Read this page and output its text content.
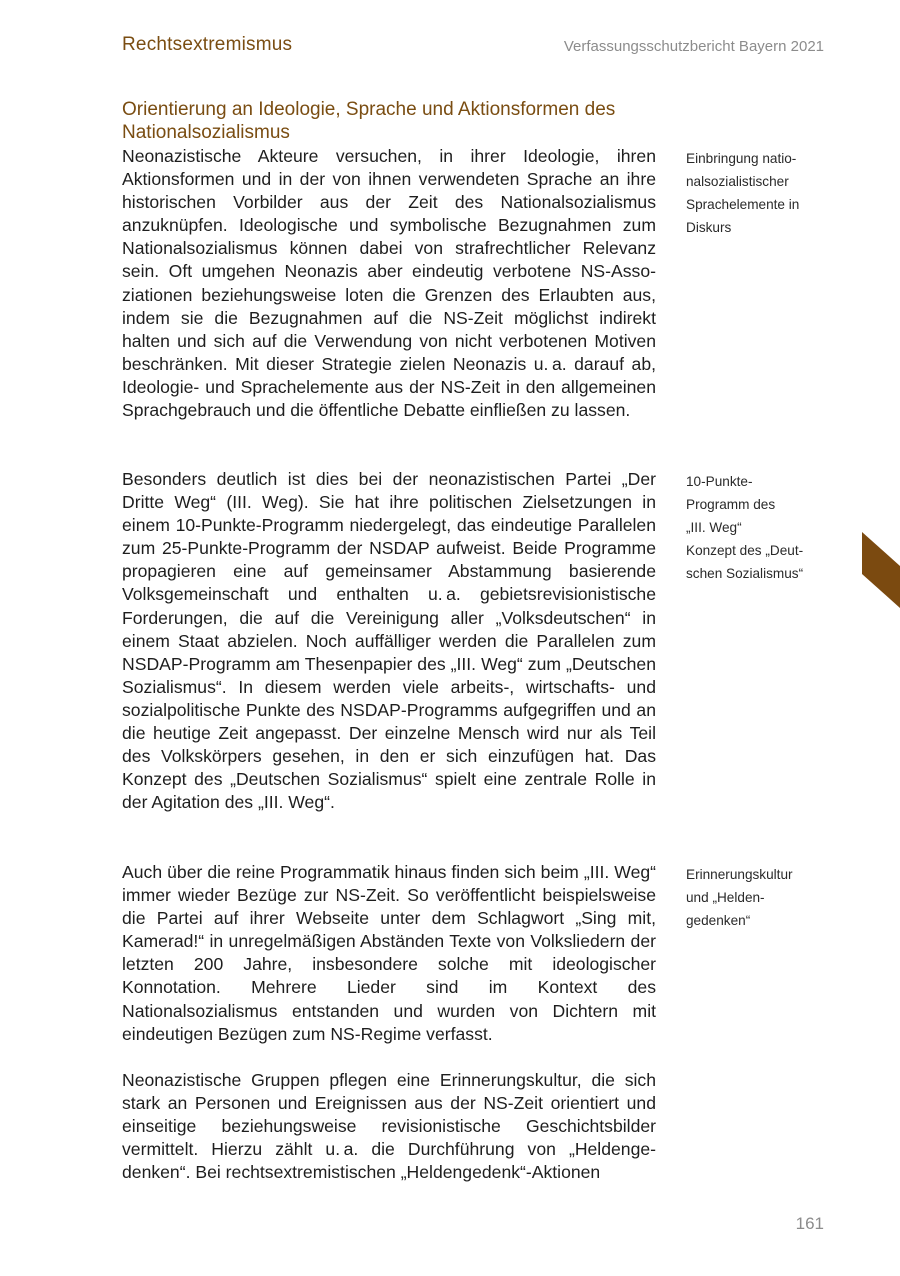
Rechtsextremismus	Verfassungsschutzbericht Bayern 2021
Orientierung an Ideologie, Sprache und Aktionsformen des Nationalsozialismus

Neonazistische Akteure versuchen, in ihrer Ideologie, ihren Aktionsformen und in der von ihnen verwendeten Sprache an ihre historischen Vorbilder aus der Zeit des Nationalsozialismus anzuknüpfen. Ideologische und symbolische Bezugnahmen zum Nationalsozialismus können dabei von strafrechtlicher Relevanz sein. Oft umgehen Neonazis aber eindeutig verbotene NS-Assoziationen beziehungsweise loten die Grenzen des Erlaubten aus, indem sie die Bezugnahmen auf die NS-Zeit möglichst indirekt halten und sich auf die Verwendung von nicht verbotenen Motiven beschränken. Mit dieser Strategie zielen Neonazis u. a. darauf ab, Ideologie- und Sprachelemente aus der NS-Zeit in den allgemeinen Sprachgebrauch und die öffentliche Debatte einfließen zu lassen.

Besonders deutlich ist dies bei der neonazistischen Partei „Der Dritte Weg“ (III. Weg). Sie hat ihre politischen Zielsetzungen in einem 10-Punkte-Programm niedergelegt, das eindeutige Parallelen zum 25-Punkte-Programm der NSDAP aufweist. Beide Programme propagieren eine auf gemeinsamer Abstammung basierende Volksgemeinschaft und enthalten u. a. gebietsrevisionistische Forderungen, die auf die Vereinigung aller „Volksdeutschen“ in einem Staat abzielen. Noch auffälliger werden die Parallelen zum NSDAP-Programm am Thesenpapier des „III. Weg“ zum „Deutschen Sozialismus“. In diesem werden viele arbeits-, wirtschafts- und sozialpolitische Punkte des NSDAP-Programms aufgegriffen und an die heutige Zeit angepasst. Der einzelne Mensch wird nur als Teil des Volkskörpers gesehen, in den er sich einzufügen hat. Das Konzept des „Deutschen Sozialismus“ spielt eine zentrale Rolle in der Agitation des „III. Weg“.

Auch über die reine Programmatik hinaus finden sich beim „III. Weg“ immer wieder Bezüge zur NS-Zeit. So veröffentlicht beispielsweise die Partei auf ihrer Webseite unter dem Schlagwort „Sing mit, Kamerad!“ in unregelmäßigen Abständen Texte von Volksliedern der letzten 200 Jahre, insbesondere solche mit ideologischer Konnotation. Mehrere Lieder sind im Kontext des Nationalsozialismus entstanden und wurden von Dichtern mit eindeutigen Bezügen zum NS-Regime verfasst.

Neonazistische Gruppen pflegen eine Erinnerungskultur, die sich stark an Personen und Ereignissen aus der NS-Zeit orientiert und einseitige beziehungsweise revisionistische Geschichtsbilder vermittelt. Hierzu zählt u. a. die Durchführung von „Heldengedenken“. Bei rechtsextremistischen „Heldengedenk“-Aktionen

Einbringung natio-
nalsozialistischer
Sprachelemente in
Diskurs
10-Punkte-
Programm des
„III. Weg“
Konzept des „Deut-
schen Sozialismus“
Erinnerungskultur
und „Helden-
gedenken“
161
